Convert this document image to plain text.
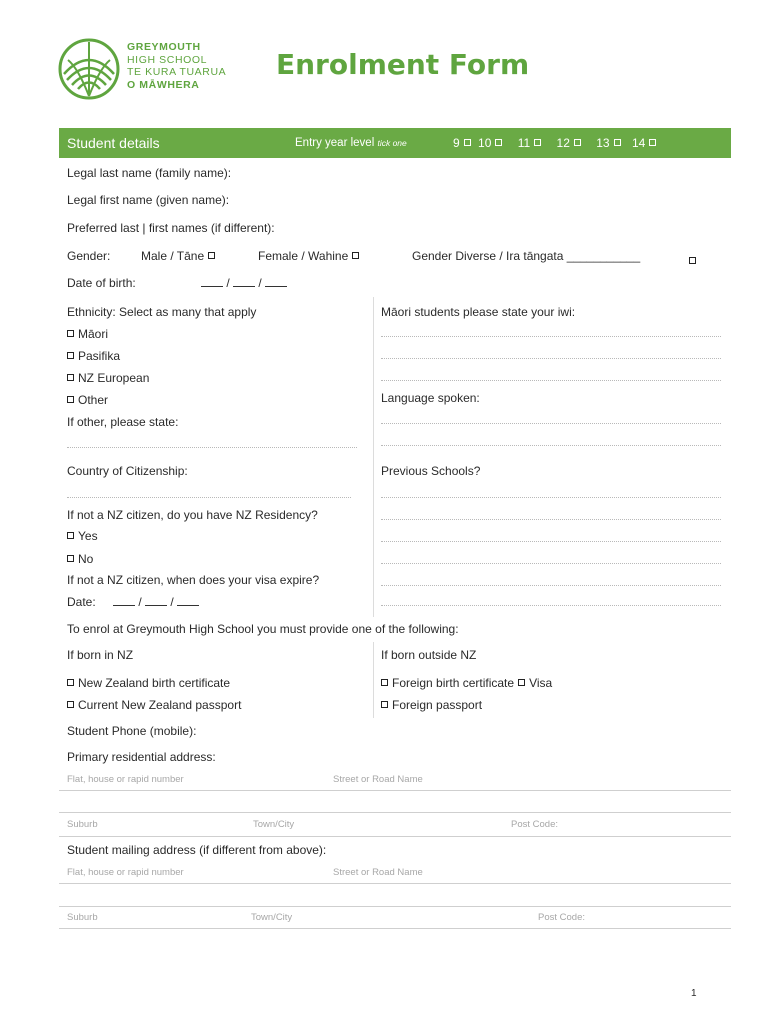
GREYMOUTH
HIGH SCHOOL
TE KURA TUARUA
O MĀWHERA
Enrolment Form
Student details	Entry year level tick one	9 10 11 12 13 14
Legal last name (family name):
Legal first name (given name):
Preferred last | first names (if different):
Gender:	Male / Tāne	Female / Wahine	Gender Diverse / Ira tāngata ___________
Date of birth:	/ /
Ethnicity: Select as many that apply
Māori
Pasifika
NZ European
Other
If other, please state:
Māori students please state your iwi:
Language spoken:
Country of Citizenship:
If not a NZ citizen, do you have NZ Residency?
Yes
No
If not a NZ citizen, when does your visa expire?
Date:	/ /
Previous Schools?
To enrol at Greymouth High School you must provide one of the following:
If born in NZ	If born outside NZ
New Zealand birth certificate
Current New Zealand passport
Foreign birth certificate Visa
Foreign passport
Student Phone (mobile):
Primary residential address:
Flat, house or rapid number	Street or Road Name
Suburb	Town/City	Post Code:
Student mailing address (if different from above):
Flat, house or rapid number	Street or Road Name
Suburb	Town/City	Post Code:
1
